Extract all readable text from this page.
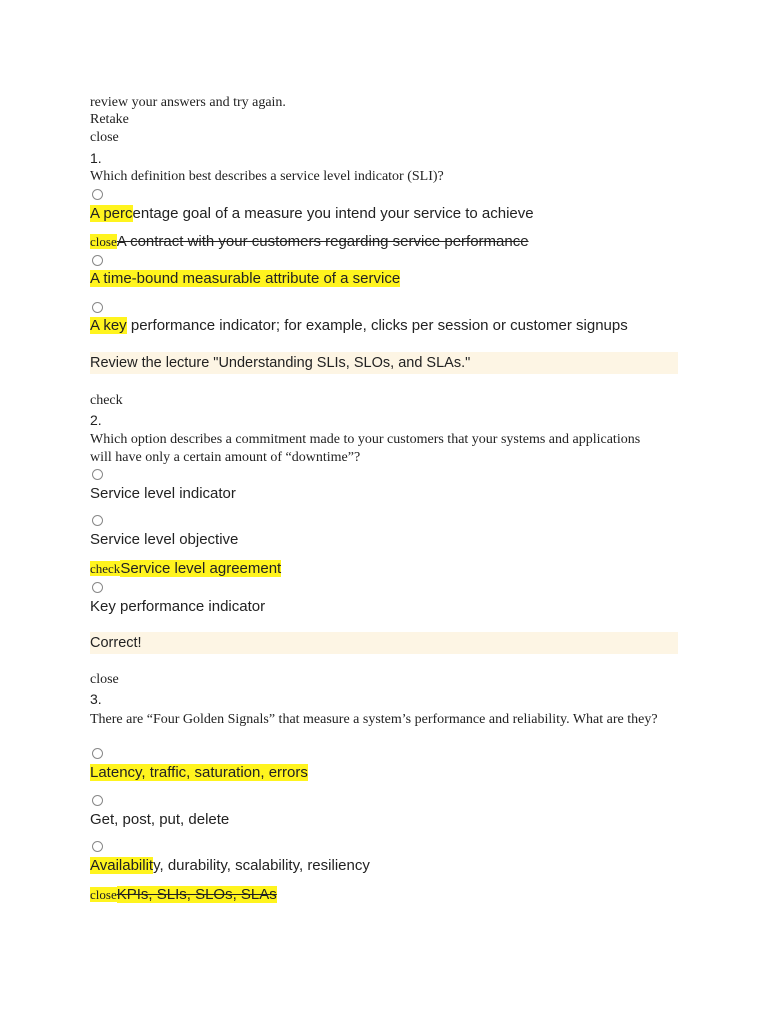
review your answers and try again.
Retake
close
1.
Which definition best describes a service level indicator (SLI)?
A percentage goal of a measure you intend your service to achieve
closeA contract with your customers regarding service performance
A time-bound measurable attribute of a service
A key performance indicator; for example, clicks per session or customer signups
Review the lecture "Understanding SLIs, SLOs, and SLAs."
check
2.
Which option describes a commitment made to your customers that your systems and applications will have only a certain amount of “downtime”?
Service level indicator
Service level objective
checkService level agreement
Key performance indicator
Correct!
close
3.
There are “Four Golden Signals” that measure a system’s performance and reliability. What are they?
Latency, traffic, saturation, errors
Get, post, put, delete
Availability, durability, scalability, resiliency
closeKPIs, SLIs, SLOs, SLAs
